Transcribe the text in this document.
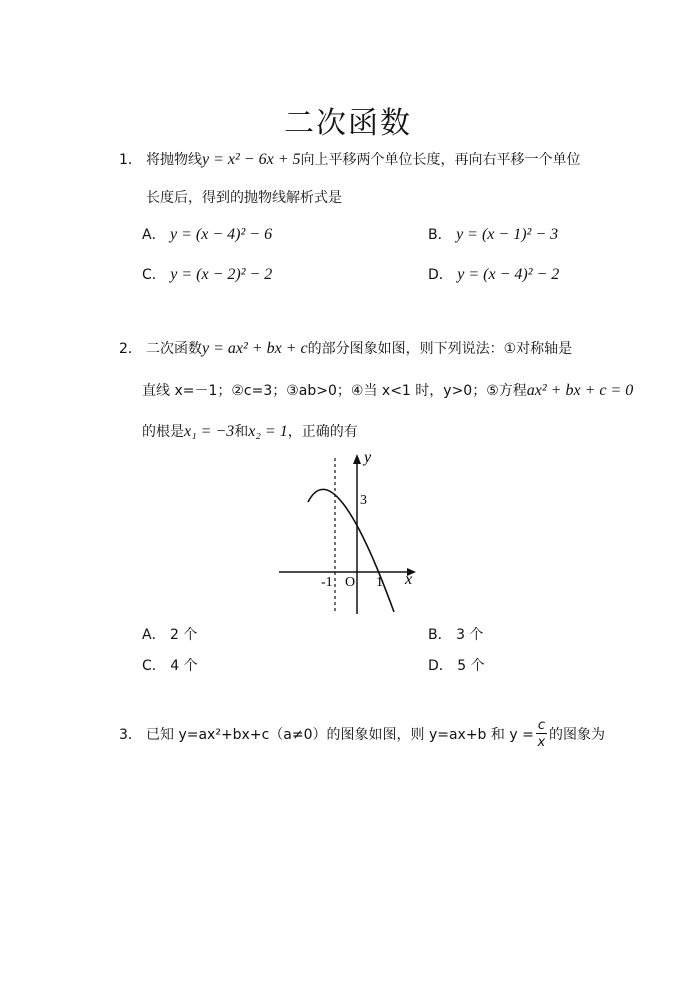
二次函数
1． 将抛物线y = x² − 6x + 5向上平移两个单位长度，再向右平移一个单位
长度后，得到的抛物线解析式是
A． y = (x − 4)² − 6	B． y = (x − 1)² − 3
C． y = (x − 2)² − 2	D． y = (x − 4)² − 2
2． 二次函数y = ax² + bx + c的部分图象如图，则下列说法：①对称轴是
直线 x=－1；②c=3；③ab>0；④当 x<1 时，y>0；⑤方程ax² + bx + c = 0
的根是x₁ = −3和x₂ = 1，正确的有
y
x
3
-1 O 1
A． 2 个	B． 3 个
C． 4 个	D． 5 个
3． 已知 y=ax²+bx+c（a≠0）的图象如图，则 y=ax+b 和 $y = \frac{c}{x}$ 的图象为
